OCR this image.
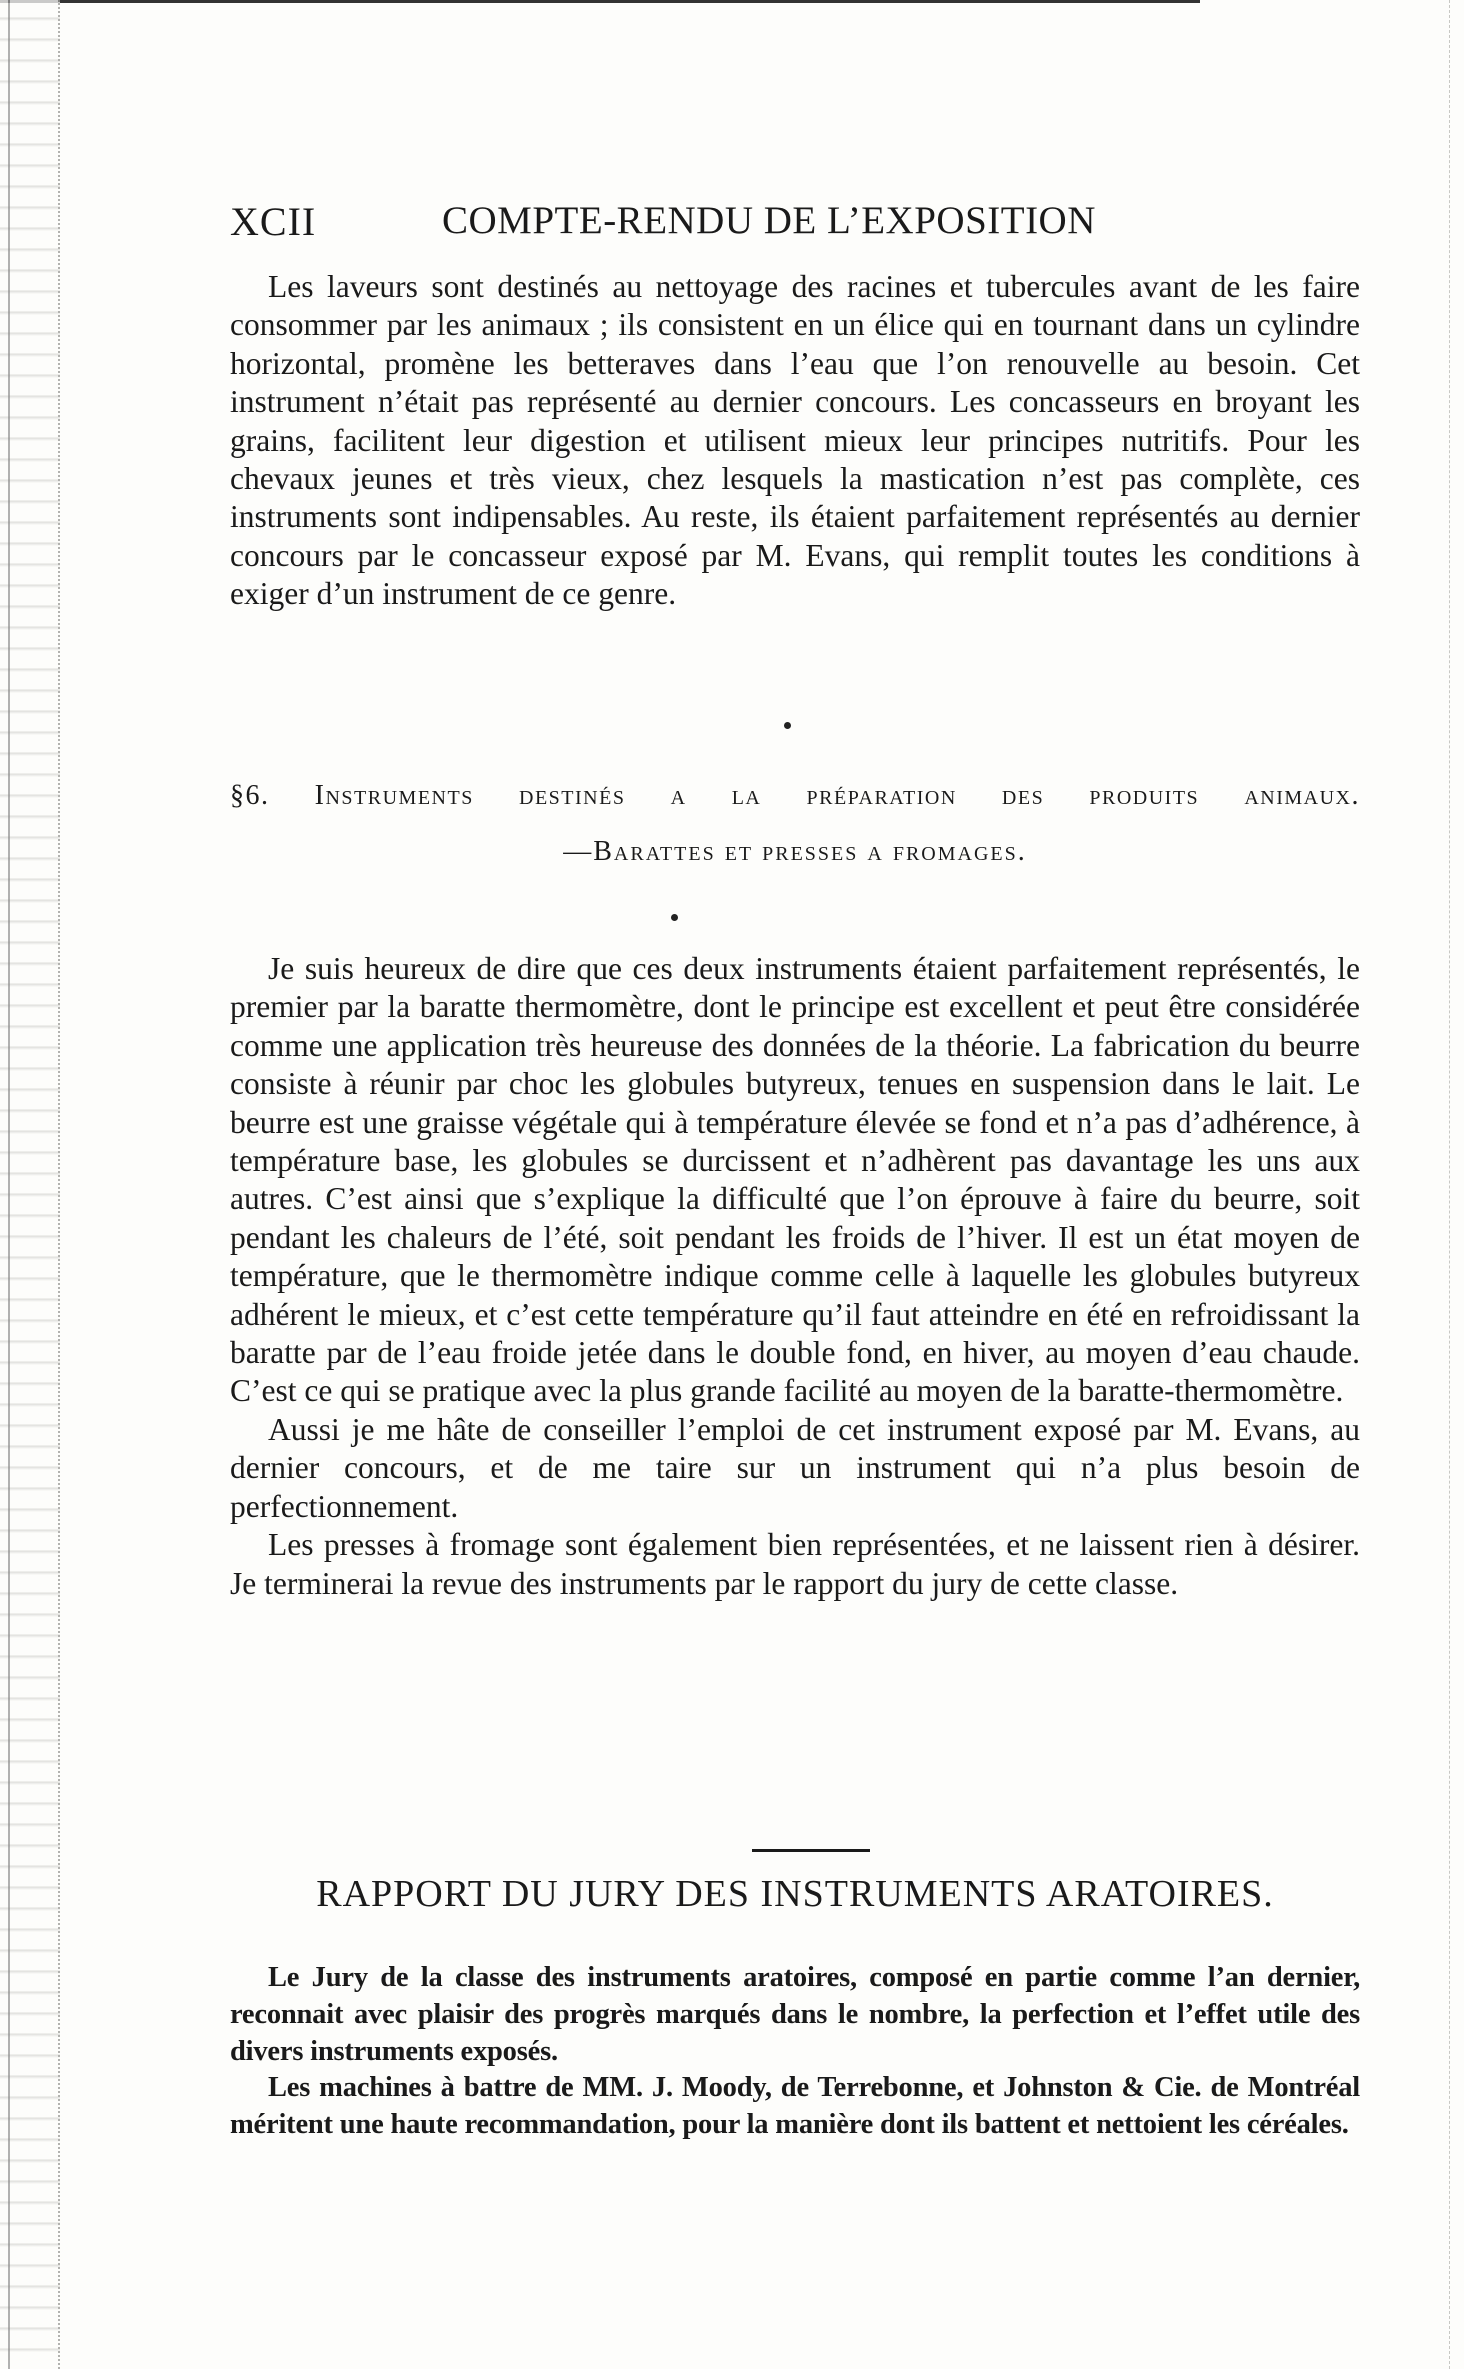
XCII	COMPTE-RENDU DE L’EXPOSITION

Les laveurs sont destinés au nettoyage des racines et tubercules avant de les faire consommer par les animaux ; ils consistent en un élice qui en tournant dans un cylindre horizontal, promène les betteraves dans l’eau que l’on renouvelle au besoin. Cet instrument n’était pas représenté au dernier concours. Les concasseurs en broyant les grains, facilitent leur digestion et utilisent mieux leur principes nutritifs. Pour les chevaux jeunes et très vieux, chez lesquels la mastication n’est pas complète, ces instruments sont indipensables. Au reste, ils étaient parfaitement représentés au dernier concours par le concasseur exposé par M. Evans, qui remplit toutes les conditions à exiger d’un instrument de ce genre.

§6. Instruments destinés a la préparation des produits animaux.
—Barattes et presses a fromages.

Je suis heureux de dire que ces deux instruments étaient parfaitement représentés, le premier par la baratte thermomètre, dont le principe est excellent et peut être considérée comme une application très heureuse des données de la théorie. La fabrication du beurre consiste à réunir par choc les globules butyreux, tenues en suspension dans le lait. Le beurre est une graisse végétale qui à température élevée se fond et n’a pas d’adhérence, à température base, les globules se durcissent et n’adhèrent pas davantage les uns aux autres. C’est ainsi que s’explique la difficulté que l’on éprouve à faire du beurre, soit pendant les chaleurs de l’été, soit pendant les froids de l’hiver. Il est un état moyen de température, que le thermomètre indique comme celle à laquelle les globules butyreux adhérent le mieux, et c’est cette température qu’il faut atteindre en été en refroidissant la baratte par de l’eau froide jetée dans le double fond, en hiver, au moyen d’eau chaude. C’est ce qui se pratique avec la plus grande facilité au moyen de la baratte-thermomètre.

Aussi je me hâte de conseiller l’emploi de cet instrument exposé par M. Evans, au dernier concours, et de me taire sur un instrument qui n’a plus besoin de perfectionnement.

Les presses à fromage sont également bien représentées, et ne laissent rien à désirer. Je terminerai la revue des instruments par le rapport du jury de cette classe.

RAPPORT DU JURY DES INSTRUMENTS ARATOIRES.

Le Jury de la classe des instruments aratoires, composé en partie comme l’an dernier, reconnait avec plaisir des progrès marqués dans le nombre, la perfection et l’effet utile des divers instruments exposés.

Les machines à battre de MM. J. Moody, de Terrebonne, et Johnston & Cie. de Montréal méritent une haute recommandation, pour la manière dont ils battent et nettoient les céréales.
